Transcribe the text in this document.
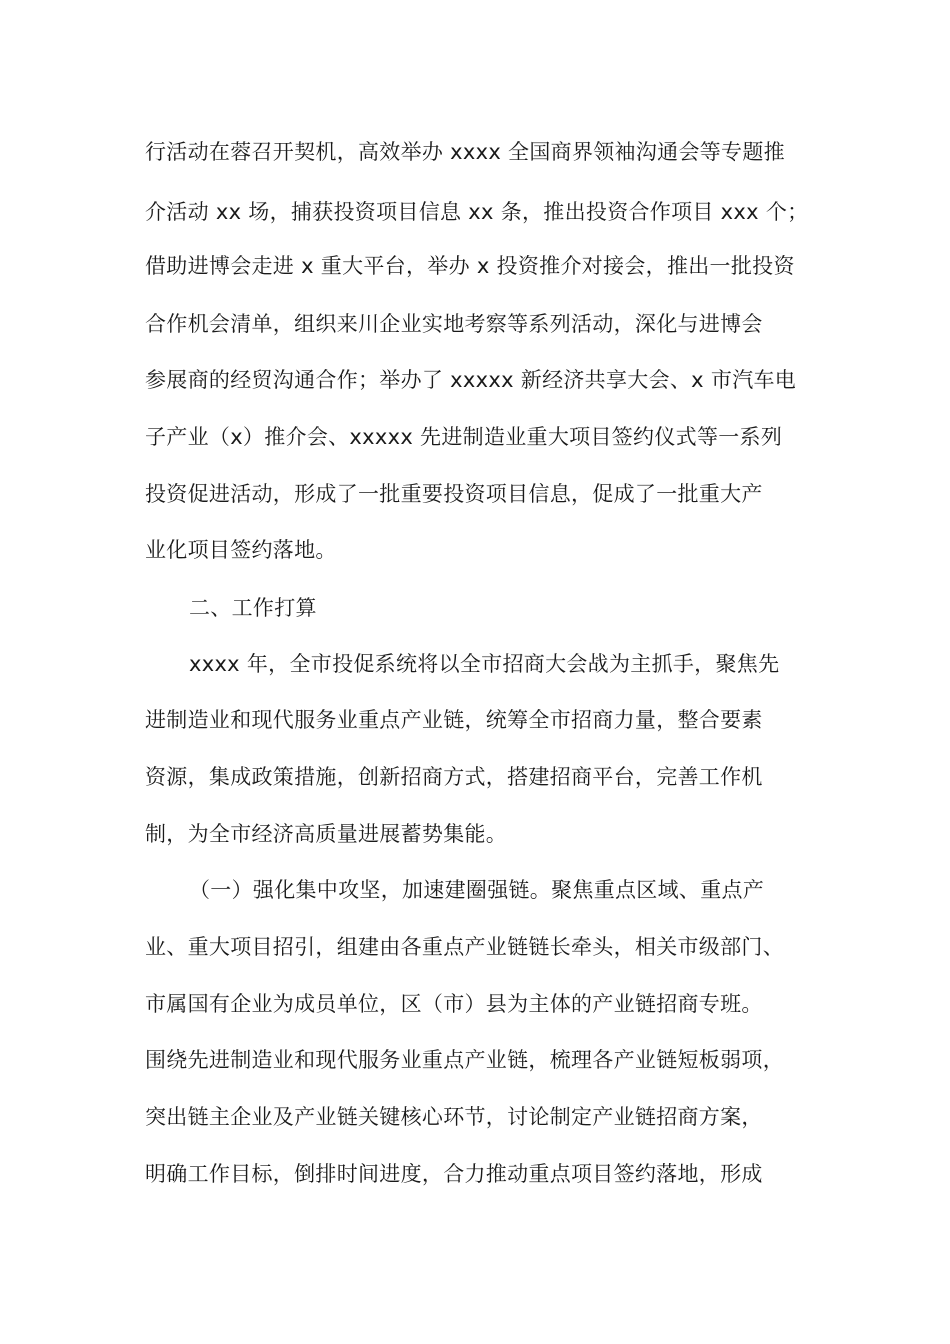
行活动在蓉召开契机，高效举办 xxxx 全国商界领袖沟通会等专题推
介活动 xx 场，捕获投资项目信息 xx 条，推出投资合作项目 xxx 个；
借助进博会走进 x 重大平台，举办 x 投资推介对接会，推出一批投资
合作机会清单，组织来川企业实地考察等系列活动，深化与进博会
参展商的经贸沟通合作；举办了 xxxxx 新经济共享大会、x 市汽车电
子产业（x）推介会、xxxxx 先进制造业重大项目签约仪式等一系列
投资促进活动，形成了一批重要投资项目信息，促成了一批重大产
业化项目签约落地。
二、工作打算
xxxx 年，全市投促系统将以全市招商大会战为主抓手，聚焦先
进制造业和现代服务业重点产业链，统筹全市招商力量，整合要素
资源，集成政策措施，创新招商方式，搭建招商平台，完善工作机
制，为全市经济高质量进展蓄势集能。
（一）强化集中攻坚，加速建圈强链。聚焦重点区域、重点产
业、重大项目招引，组建由各重点产业链链长牵头，相关市级部门、
市属国有企业为成员单位，区（市）县为主体的产业链招商专班。
围绕先进制造业和现代服务业重点产业链，梳理各产业链短板弱项，
突出链主企业及产业链关键核心环节，讨论制定产业链招商方案，
明确工作目标，倒排时间进度，合力推动重点项目签约落地，形成
